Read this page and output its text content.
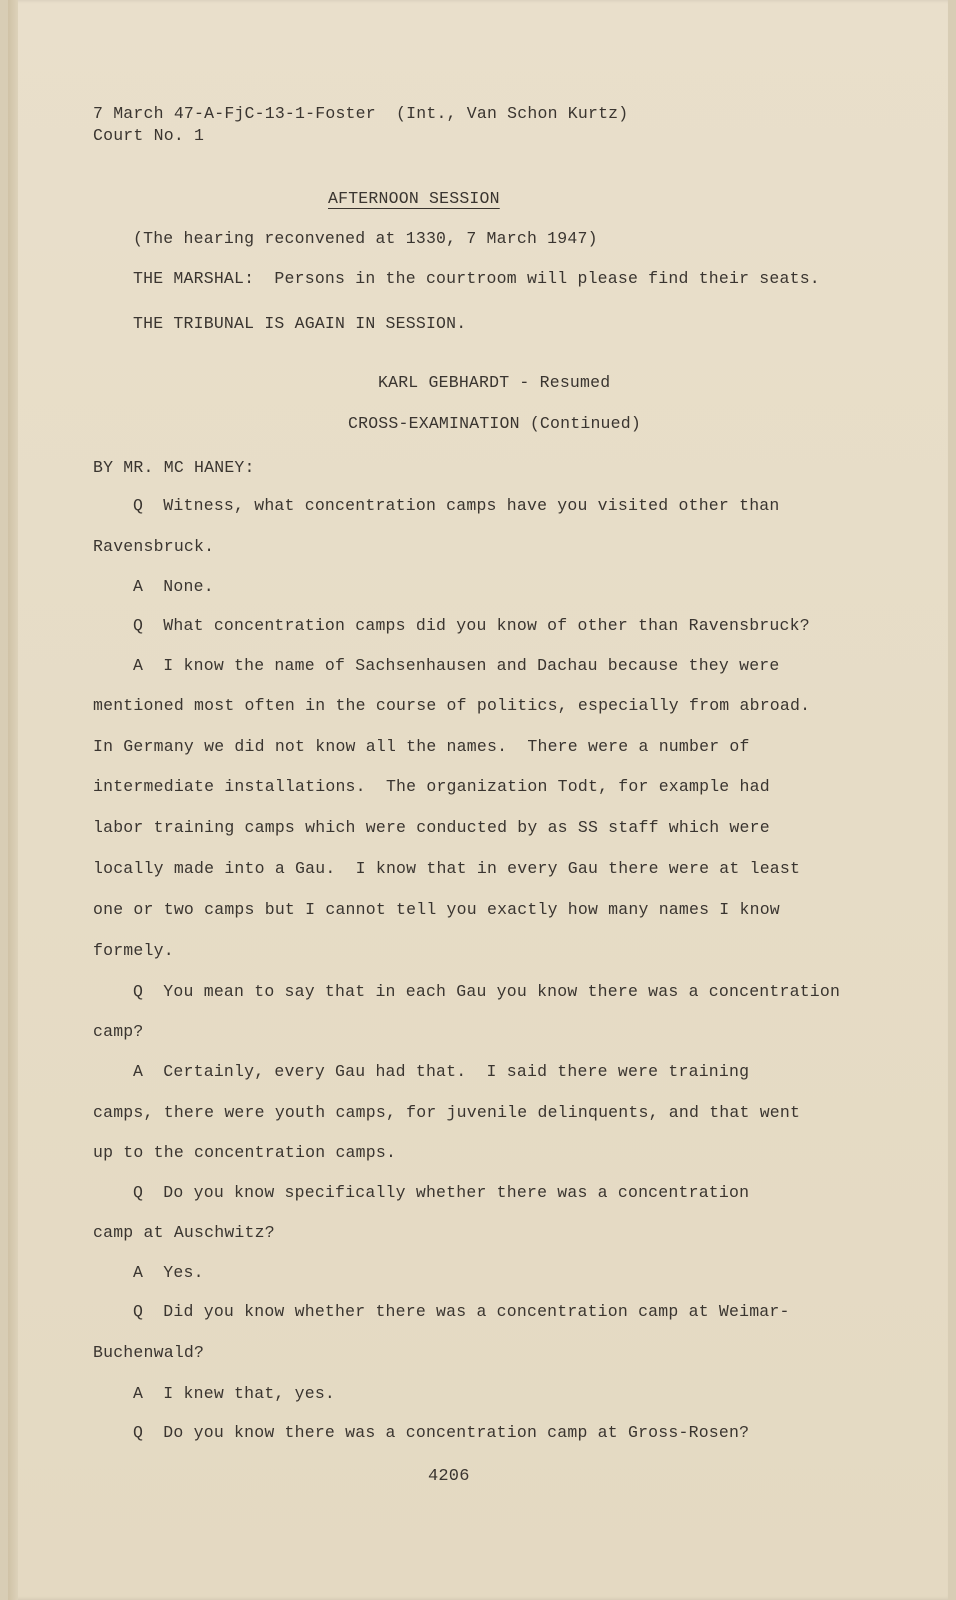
7 March 47-A-FjC-13-1-Foster  (Int., Van Schon Kurtz)
Court No. 1
AFTERNOON SESSION
(The hearing reconvened at 1330, 7 March 1947)
THE MARSHAL:  Persons in the courtroom will please find their seats.
THE TRIBUNAL IS AGAIN IN SESSION.
KARL GEBHARDT - Resumed
CROSS-EXAMINATION (Continued)
BY MR. MC HANEY:
Q  Witness, what concentration camps have you visited other than
Ravensbruck.
A  None.
Q  What concentration camps did you know of other than Ravensbruck?
A  I know the name of Sachsenhausen and Dachau because they were
mentioned most often in the course of politics, especially from abroad.
In Germany we did not know all the names.  There were a number of
intermediate installations.  The organization Todt, for example had
labor training camps which were conducted by as SS staff which were
locally made into a Gau.  I know that in every Gau there were at least
one or two camps but I cannot tell you exactly how many names I know
formely.
Q  You mean to say that in each Gau you know there was a concentration
camp?
A  Certainly, every Gau had that.  I said there were training
camps, there were youth camps, for juvenile delinquents, and that went
up to the concentration camps.
Q  Do you know specifically whether there was a concentration
camp at Auschwitz?
A  Yes.
Q  Did you know whether there was a concentration camp at Weimar-
Buchenwald?
A  I knew that, yes.
Q  Do you know there was a concentration camp at Gross-Rosen?
4206
